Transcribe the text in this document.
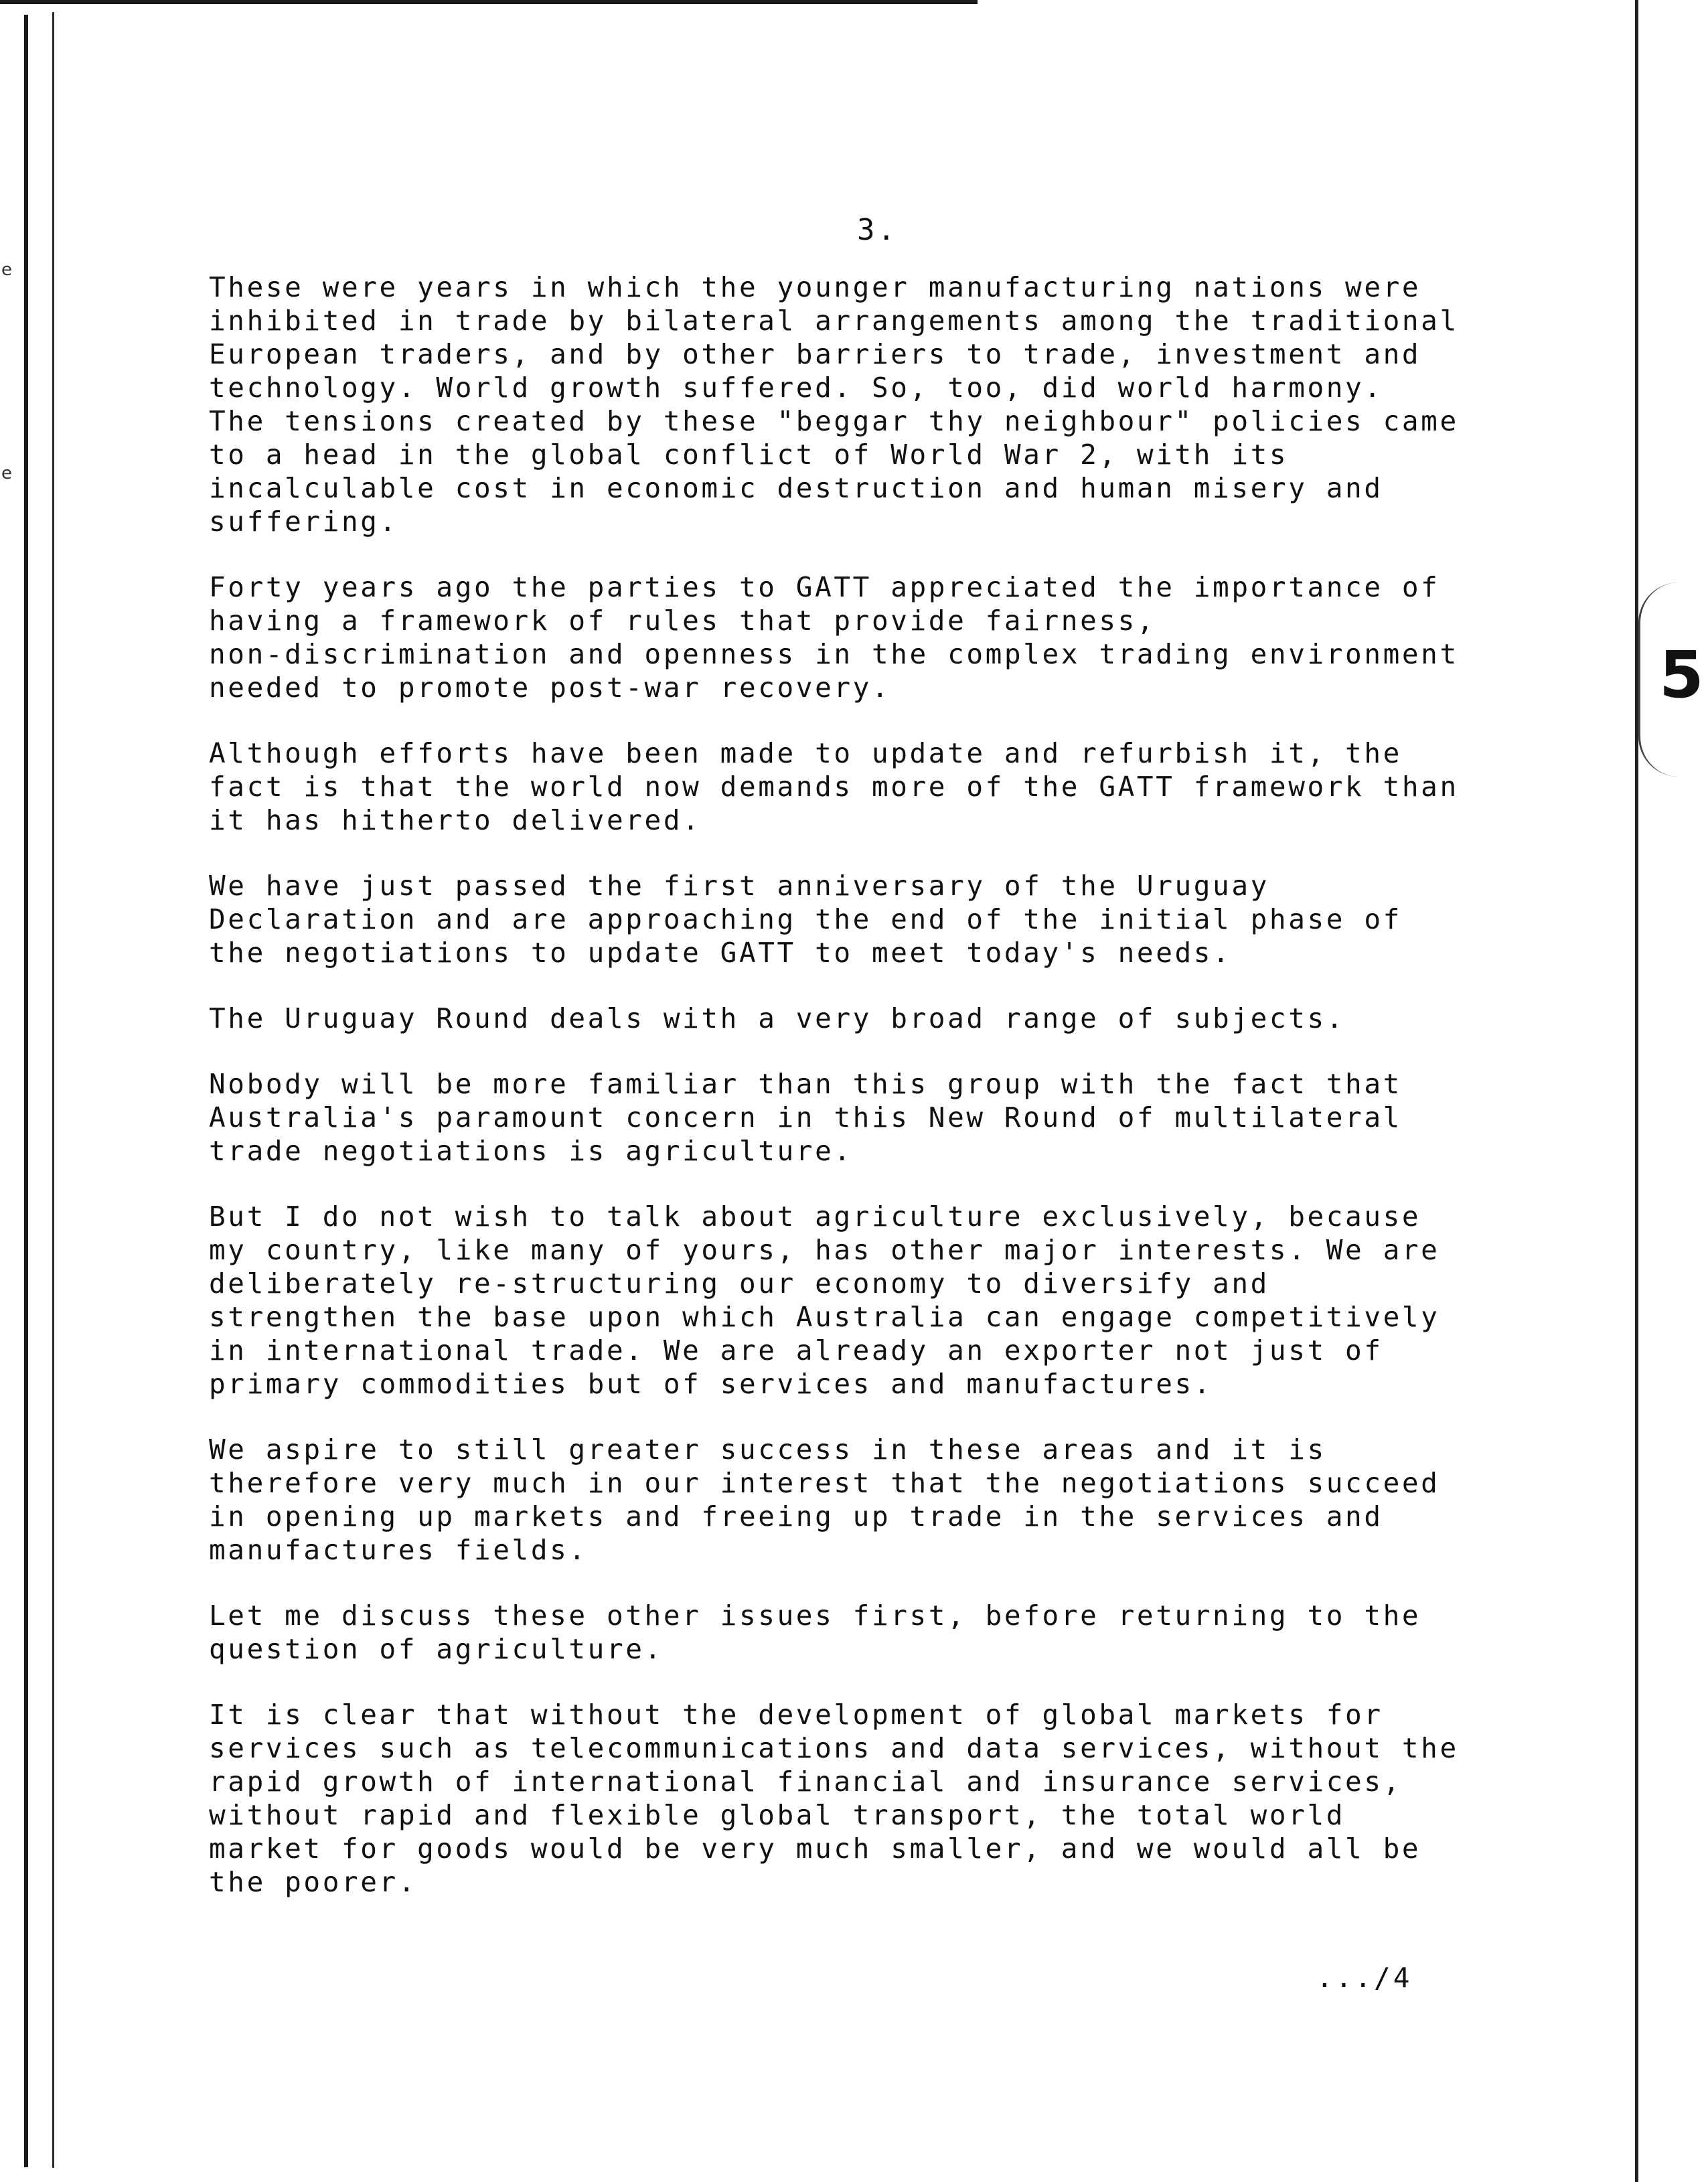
e
e
5
3.

These were years in which the younger manufacturing nations were
inhibited in trade by bilateral arrangements among the traditional
European traders, and by other barriers to trade, investment and
technology. World growth suffered. So, too, did world harmony.
The tensions created by these "beggar thy neighbour" policies came
to a head in the global conflict of World War 2, with its
incalculable cost in economic destruction and human misery and
suffering.

Forty years ago the parties to GATT appreciated the importance of
having a framework of rules that provide fairness,
non-discrimination and openness in the complex trading environment
needed to promote post-war recovery.

Although efforts have been made to update and refurbish it, the
fact is that the world now demands more of the GATT framework than
it has hitherto delivered.

We have just passed the first anniversary of the Uruguay
Declaration and are approaching the end of the initial phase of
the negotiations to update GATT to meet today's needs.

The Uruguay Round deals with a very broad range of subjects.

Nobody will be more familiar than this group with the fact that
Australia's paramount concern in this New Round of multilateral
trade negotiations is agriculture.

But I do not wish to talk about agriculture exclusively, because
my country, like many of yours, has other major interests. We are
deliberately re-structuring our economy to diversify and
strengthen the base upon which Australia can engage competitively
in international trade. We are already an exporter not just of
primary commodities but of services and manufactures.

We aspire to still greater success in these areas and it is
therefore very much in our interest that the negotiations succeed
in opening up markets and freeing up trade in the services and
manufactures fields.

Let me discuss these other issues first, before returning to the
question of agriculture.

It is clear that without the development of global markets for
services such as telecommunications and data services, without the
rapid growth of international financial and insurance services,
without rapid and flexible global transport, the total world
market for goods would be very much smaller, and we would all be
the poorer.

.../4
